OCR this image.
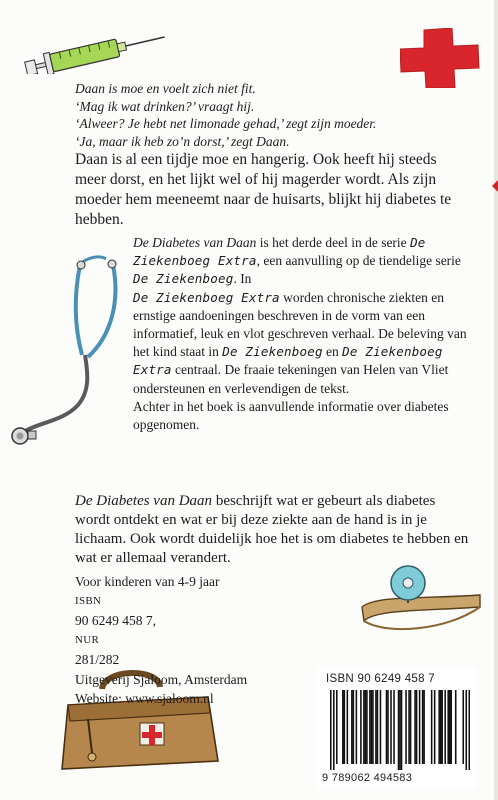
Daan is moe en voelt zich niet fit.
‘Mag ik wat drinken?’ vraagt hij.
‘Alweer? Je hebt net limonade gehad,’ zegt zijn moeder.
‘Ja, maar ik heb zo’n dorst,’ zegt Daan.

Daan is al een tijdje moe en hangerig. Ook heeft hij steeds meer dorst, en het lijkt wel of hij magerder wordt. Als zijn moeder hem meeneemt naar de huisarts, blijkt hij diabetes te hebben.

De Diabetes van Daan is het derde deel in de serie De Ziekenboeg Extra, een aanvulling op de tiendelige serie De Ziekenboeg. In
De Ziekenboeg Extra worden chronische ziekten en ernstige aandoeningen beschreven in de vorm van een informatief, leuk en vlot geschreven verhaal. De beleving van het kind staat in De Ziekenboeg en De Ziekenboeg Extra centraal. De fraaie tekeningen van Helen van Vliet ondersteunen en verlevendigen de tekst.
Achter in het boek is aanvullende informatie over diabetes opgenomen.

De Diabetes van Daan beschrijft wat er gebeurt als diabetes wordt ontdekt en wat er bij deze ziekte aan de hand is in je lichaam. Ook wordt duidelijk hoe het is om diabetes te hebben en wat er allemaal verandert.

Voor kinderen van 4-9 jaar
ISBN
90 6249 458 7,
NUR
281/282
Uitgeverij Sjaloom, Amsterdam
Website: www.sjaloom.nl
ISBN 90 6249 458 7
9 789062 494583
